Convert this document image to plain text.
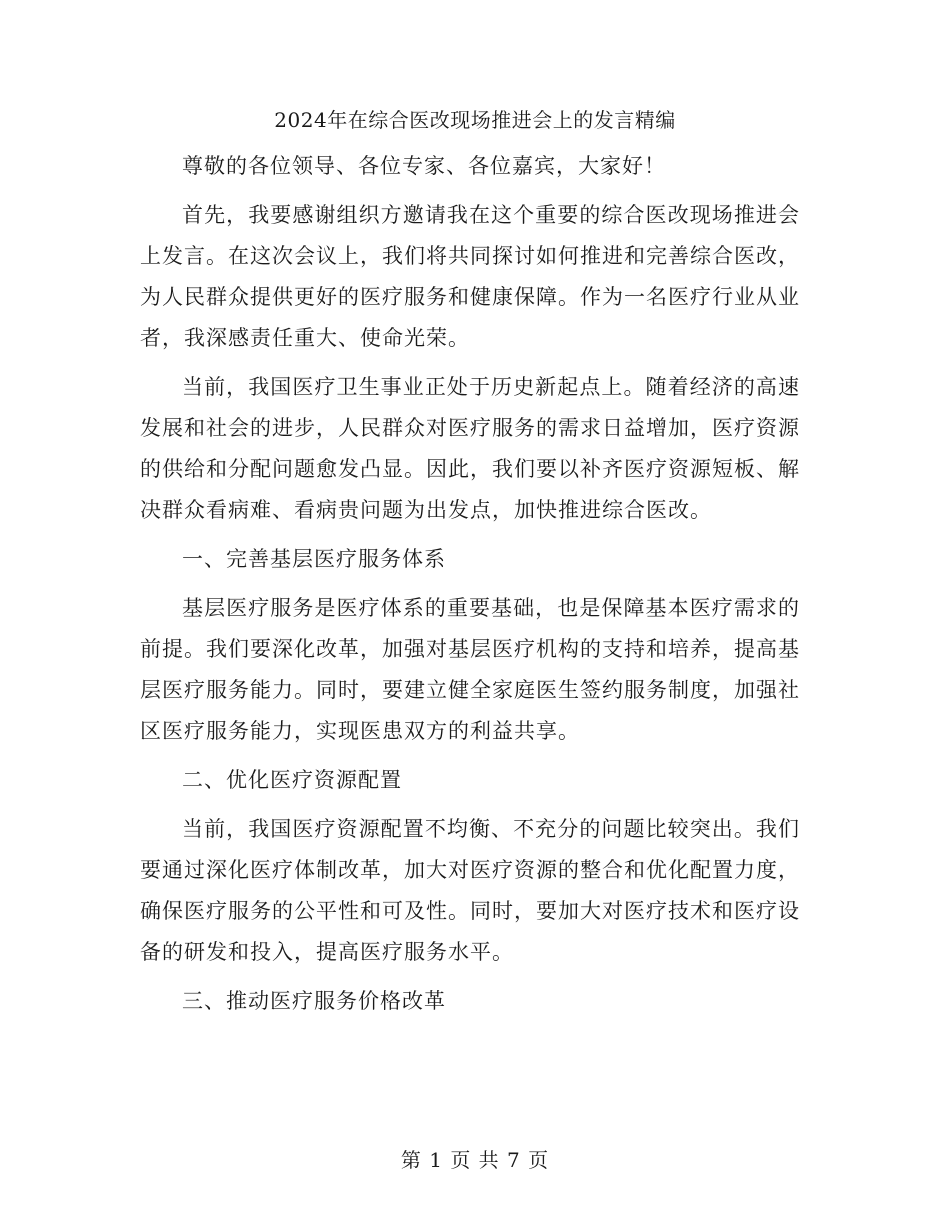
2024年在综合医改现场推进会上的发言精编

尊敬的各位领导、各位专家、各位嘉宾，大家好！

首先，我要感谢组织方邀请我在这个重要的综合医改现场推进会上发言。在这次会议上，我们将共同探讨如何推进和完善综合医改，为人民群众提供更好的医疗服务和健康保障。作为一名医疗行业从业者，我深感责任重大、使命光荣。

当前，我国医疗卫生事业正处于历史新起点上。随着经济的高速发展和社会的进步，人民群众对医疗服务的需求日益增加，医疗资源的供给和分配问题愈发凸显。因此，我们要以补齐医疗资源短板、解决群众看病难、看病贵问题为出发点，加快推进综合医改。

一、完善基层医疗服务体系

基层医疗服务是医疗体系的重要基础，也是保障基本医疗需求的前提。我们要深化改革，加强对基层医疗机构的支持和培养，提高基层医疗服务能力。同时，要建立健全家庭医生签约服务制度，加强社区医疗服务能力，实现医患双方的利益共享。

二、优化医疗资源配置

当前，我国医疗资源配置不均衡、不充分的问题比较突出。我们要通过深化医疗体制改革，加大对医疗资源的整合和优化配置力度，确保医疗服务的公平性和可及性。同时，要加大对医疗技术和医疗设备的研发和投入，提高医疗服务水平。

三、推动医疗服务价格改革

第 1 页 共 7 页
